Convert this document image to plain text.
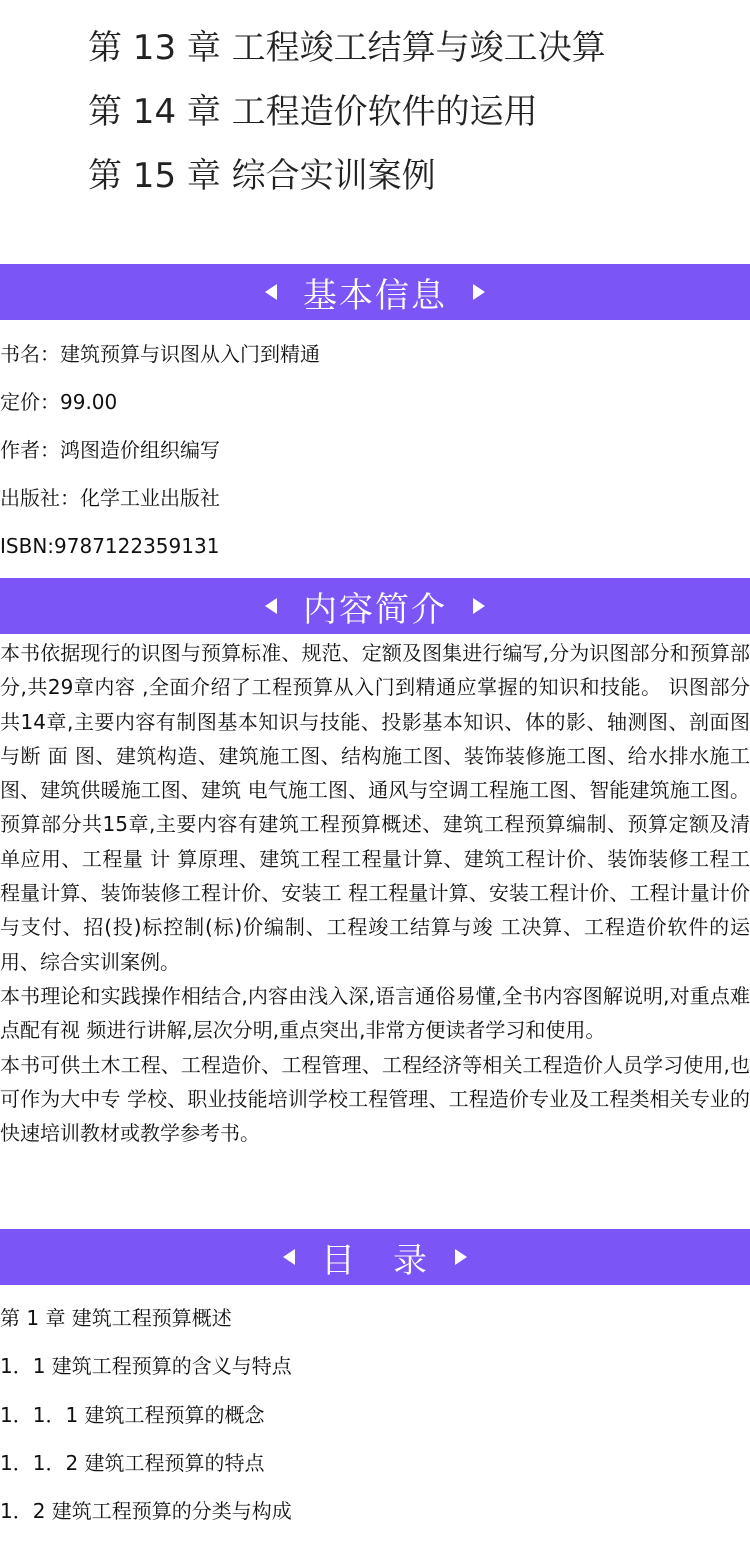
第 13 章 工程竣工结算与竣工决算
第 14 章 工程造价软件的运用
第 15 章 综合实训案例
基本信息
书名：建筑预算与识图从入门到精通
定价：99.00
作者：鸿图造价组织编写
出版社：化学工业出版社
ISBN:9787122359131
内容简介

本书依据现行的识图与预算标准、规范、定额及图集进行编写,分为识图部分和预算部分,共29章内容 ,全面介绍了工程预算从入门到精通应掌握的知识和技能。 识图部分共14章,主要内容有制图基本知识与技能、投影基本知识、体的影、轴测图、剖面图与断 面 图、建筑构造、建筑施工图、结构施工图、装饰装修施工图、给水排水施工图、建筑供暖施工图、建筑 电气施工图、通风与空调工程施工图、智能建筑施工图。 预算部分共15章,主要内容有建筑工程预算概述、建筑工程预算编制、预算定额及清单应用、工程量 计 算原理、建筑工程工程量计算、建筑工程计价、装饰装修工程工程量计算、装饰装修工程计价、安装工 程工程量计算、安装工程计价、工程计量计价与支付、招(投)标控制(标)价编制、工程竣工结算与竣 工决算、工程造价软件的运用、综合实训案例。

本书理论和实践操作相结合,内容由浅入深,语言通俗易懂,全书内容图解说明,对重点难点配有视 频进行讲解,层次分明,重点突出,非常方便读者学习和使用。

本书可供土木工程、工程造价、工程管理、工程经济等相关工程造价人员学习使用,也可作为大中专 学校、职业技能培训学校工程管理、工程造价专业及工程类相关专业的快速培训教材或教学参考书。

目　录
第 1 章 建筑工程预算概述
1．1 建筑工程预算的含义与特点
1．1．1 建筑工程预算的概念
1．1．2 建筑工程预算的特点
1．2 建筑工程预算的分类与构成
